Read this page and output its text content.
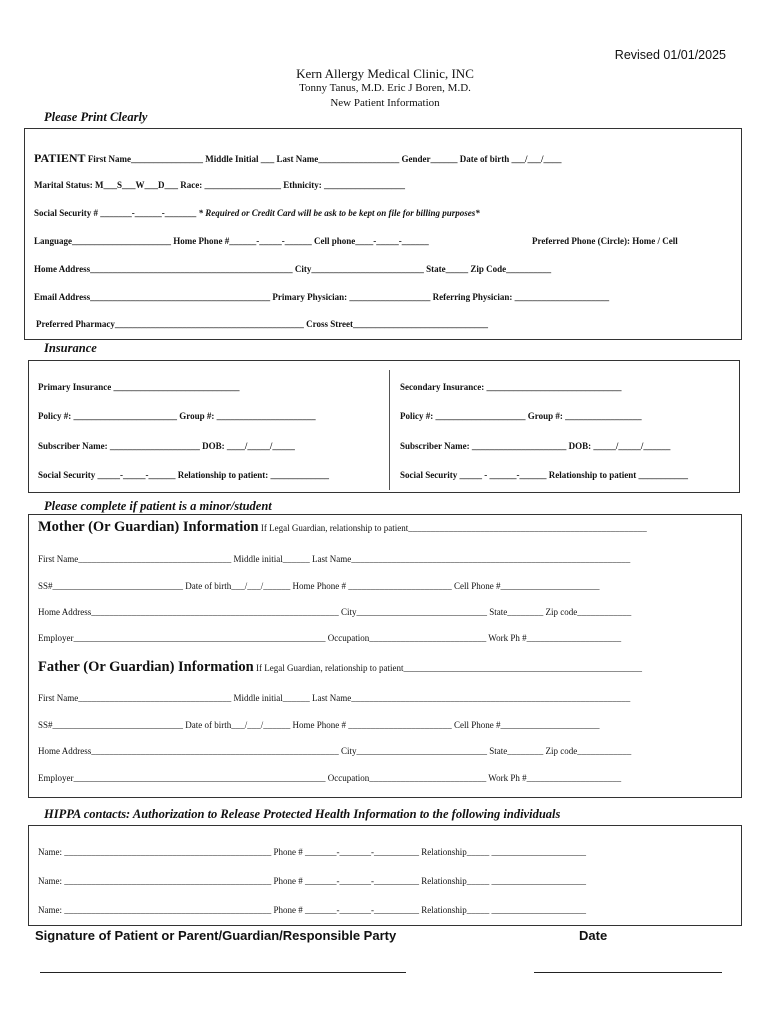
Revised 01/01/2025
Kern Allergy Medical Clinic, INC
Tonny Tanus, M.D. Eric J Boren, M.D.
New Patient Information
Please Print Clearly
PATIENT First Name________________ Middle Initial ___ Last Name__________________ Gender______ Date of birth ___/___/____
Marital Status: M___S___W___D___ Race: _________________ Ethnicity: __________________
Social Security # _______-______-_______ * Required or Credit Card will be ask to be kept on file for billing purposes*
Language______________________ Home Phone #______-_____-______ Cell phone____-_____-______	Preferred Phone (Circle): Home / Cell
Home Address_____________________________________________ City_________________________ State_____ Zip Code__________
Email Address________________________________________ Primary Physician: __________________ Referring Physician: _____________________
Preferred Pharmacy__________________________________________ Cross Street______________________________
Insurance
Primary Insurance ____________________________
Policy #: _______________________ Group #: ______________________
Subscriber Name: ____________________ DOB: ____/_____/_____
Social Security _____-_____-______ Relationship to patient: _____________
Secondary Insurance: ______________________________
Policy #: ____________________ Group #: _________________
Subscriber Name: _____________________ DOB: _____/_____/______
Social Security _____ - ______-______ Relationship to patient ___________
Please complete if patient is a minor/student
Mother (Or Guardian) Information If Legal Guardian, relationship to patient_____________________________________________________
First Name__________________________________ Middle initial______ Last Name______________________________________________________________
SS#_____________________________ Date of birth___/___/______ Home Phone # _______________________ Cell Phone #______________________
Home Address_______________________________________________________ City_____________________________ State________ Zip code____________
Employer________________________________________________________ Occupation__________________________ Work Ph #_____________________
Father (Or Guardian) Information If Legal Guardian, relationship to patient_____________________________________________________
First Name__________________________________ Middle initial______ Last Name______________________________________________________________
SS#_____________________________ Date of birth___/___/______ Home Phone # _______________________ Cell Phone #______________________
Home Address_______________________________________________________ City_____________________________ State________ Zip code____________
Employer________________________________________________________ Occupation__________________________ Work Ph #_____________________
HIPPA contacts: Authorization to Release Protected Health Information to the following individuals
Name: ______________________________________________ Phone # _______-_______-__________ Relationship_____ _____________________
Name: ______________________________________________ Phone # _______-_______-__________ Relationship_____ _____________________
Name: ______________________________________________ Phone # _______-_______-__________ Relationship_____ _____________________
Signature of Patient or Parent/Guardian/Responsible Party	Date
